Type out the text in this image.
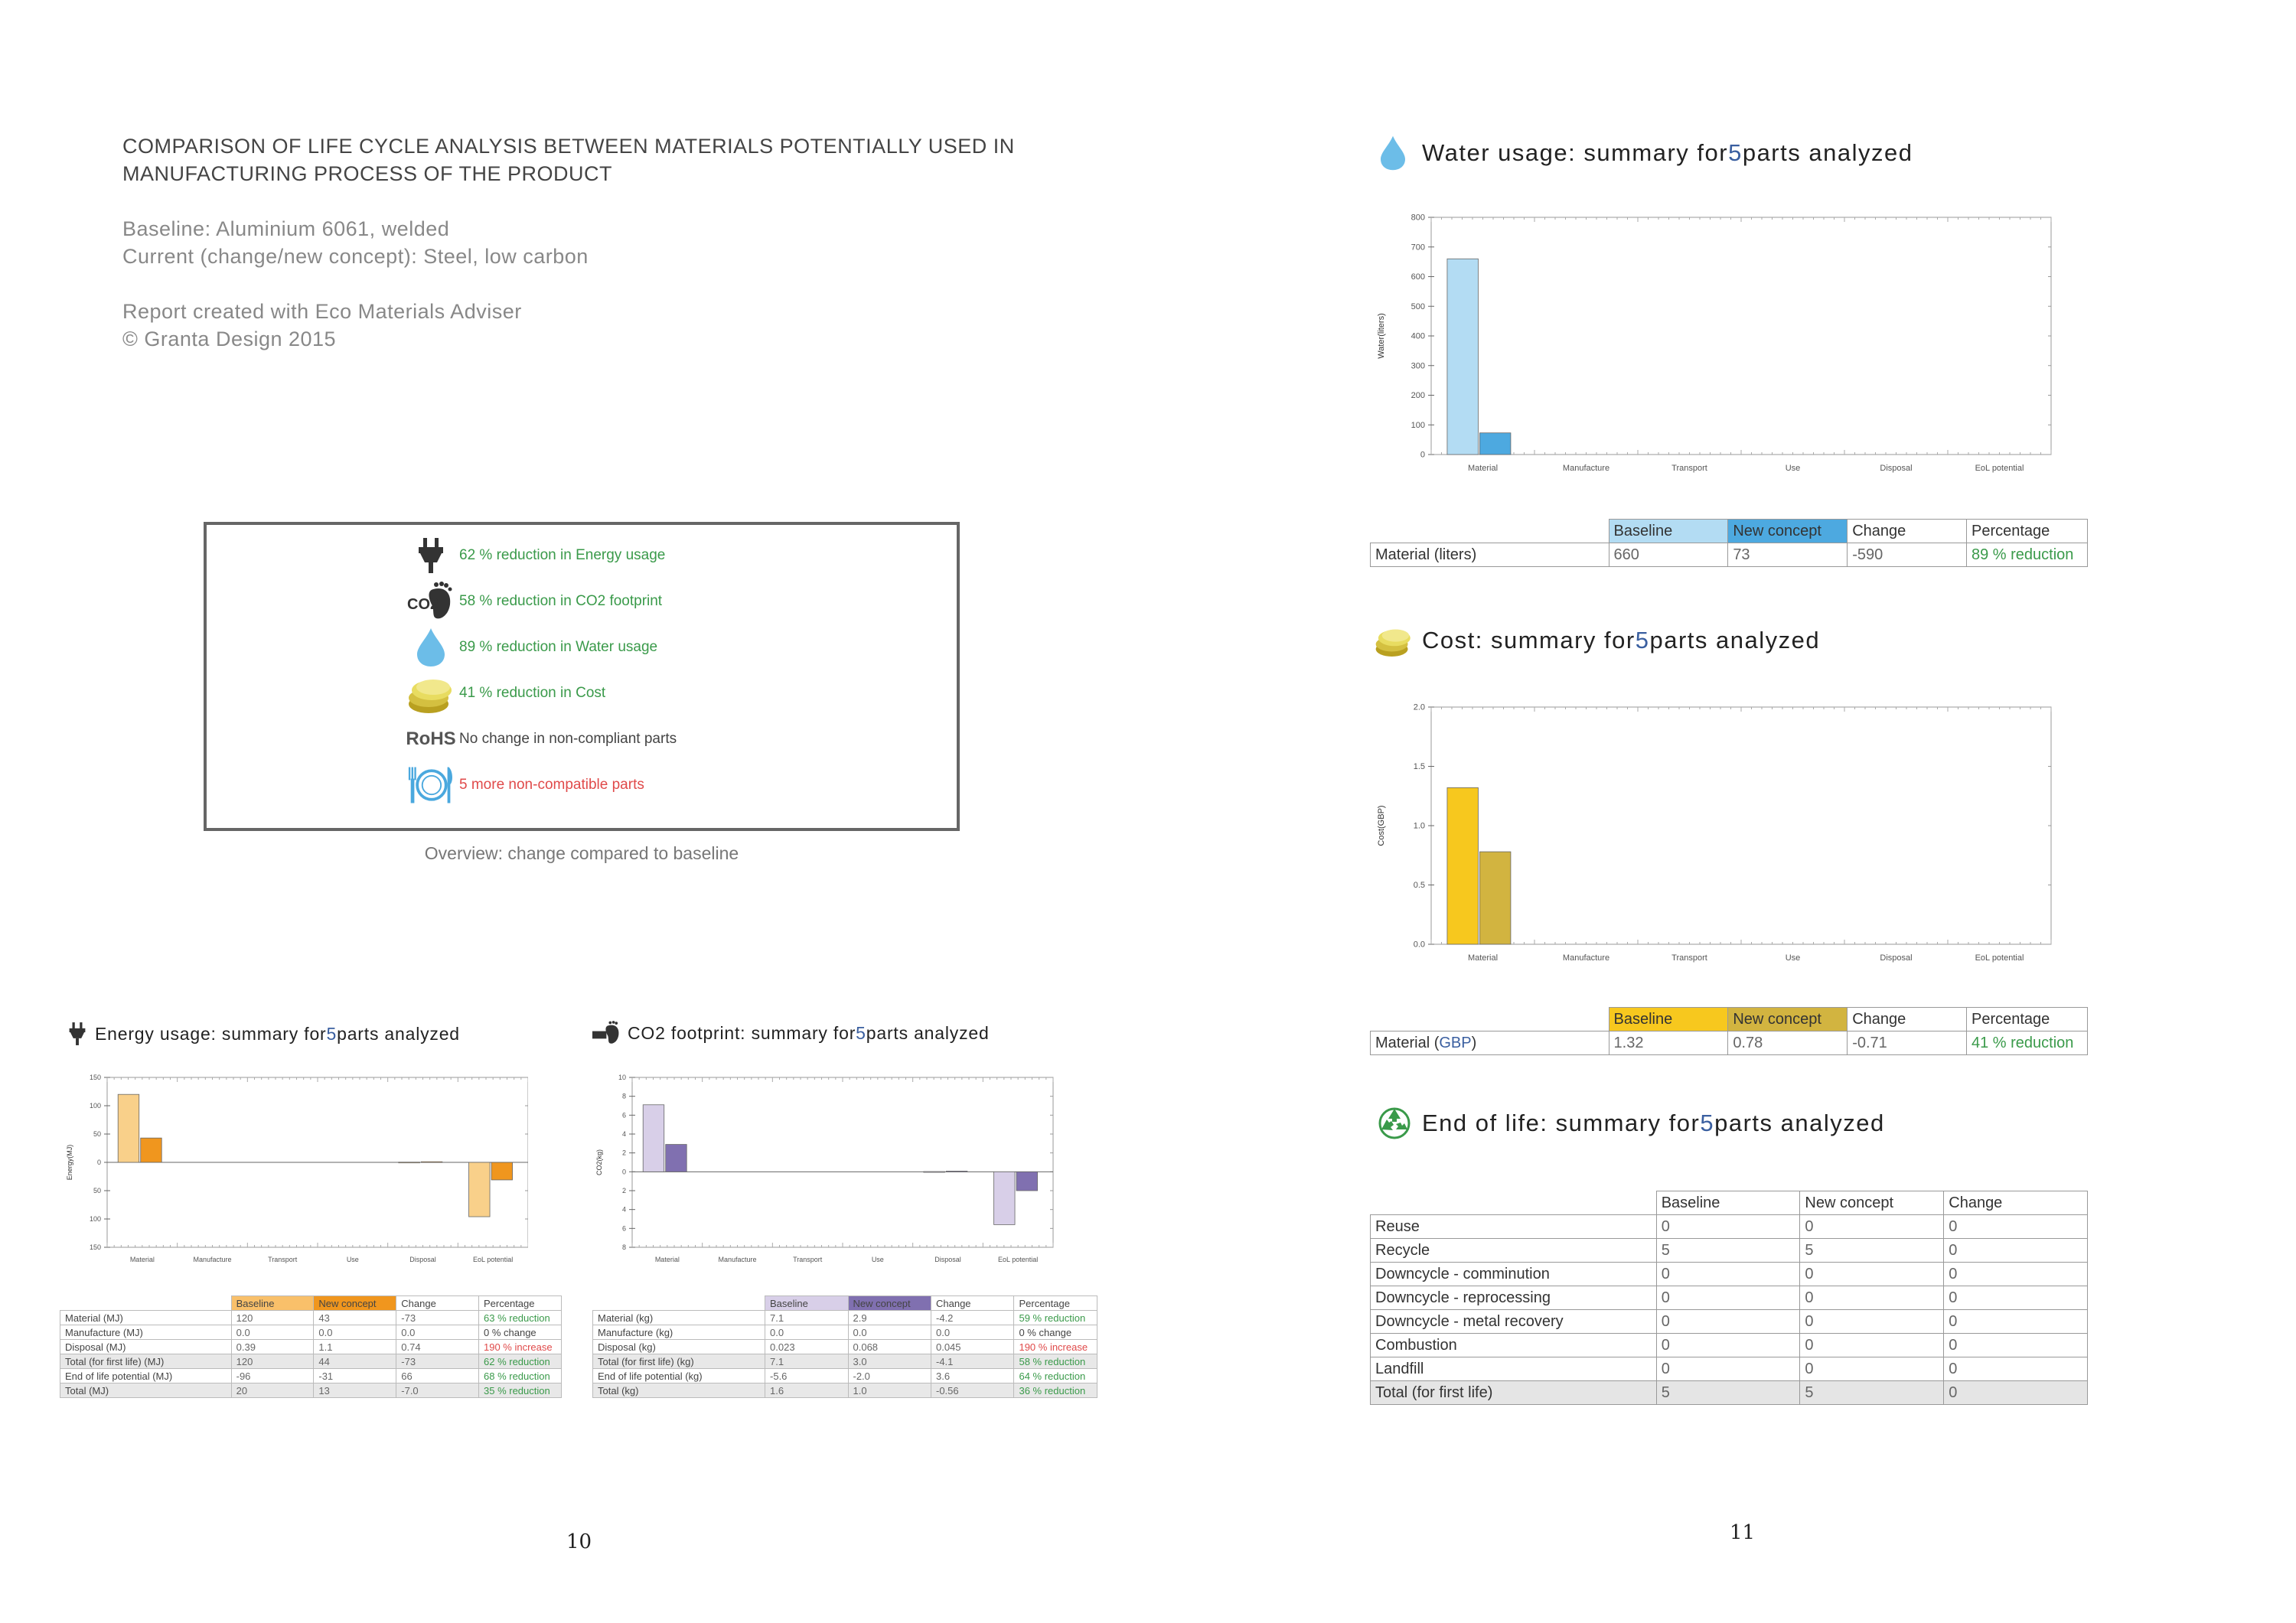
COMPARISON OF LIFE CYCLE ANALYSIS BETWEEN MATERIALS POTENTIALLY USED IN
MANUFACTURING PROCESS OF THE PRODUCT
Baseline: Aluminium 6061, welded
Current (change/new concept): Steel, low carbon
Report created with Eco Materials Adviser
© Granta Design 2015
62 % reduction in Energy usage
CO2 58 % reduction in CO2 footprint
89 % reduction in Water usage
41 % reduction in Cost
RoHS No change in non-compliant parts
5 more non-compatible parts
Overview: change compared to baseline
Energy usage: summary for 5 parts analyzed
150
100
50
0
50
100
150
Material	Manufacture	Transport	Use	Disposal	EoL potential
Energy(MJ)
	Baseline	New concept	Change	Percentage
Material (MJ)	120	43	-73	63 % reduction
Manufacture (MJ)	0.0	0.0	0.0	0 % change
Disposal (MJ)	0.39	1.1	0.74	190 % increase
Total (for first life) (MJ)	120	44	-73	62 % reduction
End of life potential (MJ)	-96	-31	66	68 % reduction
Total (MJ)	20	13	-7.0	35 % reduction
CO2 footprint: summary for 5 parts analyzed
10
8
6
4
2
0
2
4
6
8
Material	Manufacture	Transport	Use	Disposal	EoL potential
CO2(kg)
	Baseline	New concept	Change	Percentage
Material (kg)	7.1	2.9	-4.2	59 % reduction
Manufacture (kg)	0.0	0.0	0.0	0 % change
Disposal (kg)	0.023	0.068	0.045	190 % increase
Total (for first life) (kg)	7.1	3.0	-4.1	58 % reduction
End of life potential (kg)	-5.6	-2.0	3.6	64 % reduction
Total (kg)	1.6	1.0	-0.56	36 % reduction
10
Water usage: summary for 5 parts analyzed
800
700
600
500
400
300
200
100
0
Material	Manufacture	Transport	Use	Disposal	EoL potential
Water(liters)
	Baseline	New concept	Change	Percentage
Material (liters)	660	73	-590	89 % reduction
Cost: summary for 5 parts analyzed
2.0
1.5
1.0
0.5
0.0
Material	Manufacture	Transport	Use	Disposal	EoL potential
Cost(GBP)
	Baseline	New concept	Change	Percentage
Material (GBP)	1.32	0.78	-0.71	41 % reduction
End of life: summary for 5 parts analyzed
	Baseline	New concept	Change
Reuse	0	0	0
Recycle	5	5	0
Downcycle - comminution	0	0	0
Downcycle - reprocessing	0	0	0
Downcycle - metal recovery	0	0	0
Combustion	0	0	0
Landfill	0	0	0
Total (for first life)	5	5	0
11
